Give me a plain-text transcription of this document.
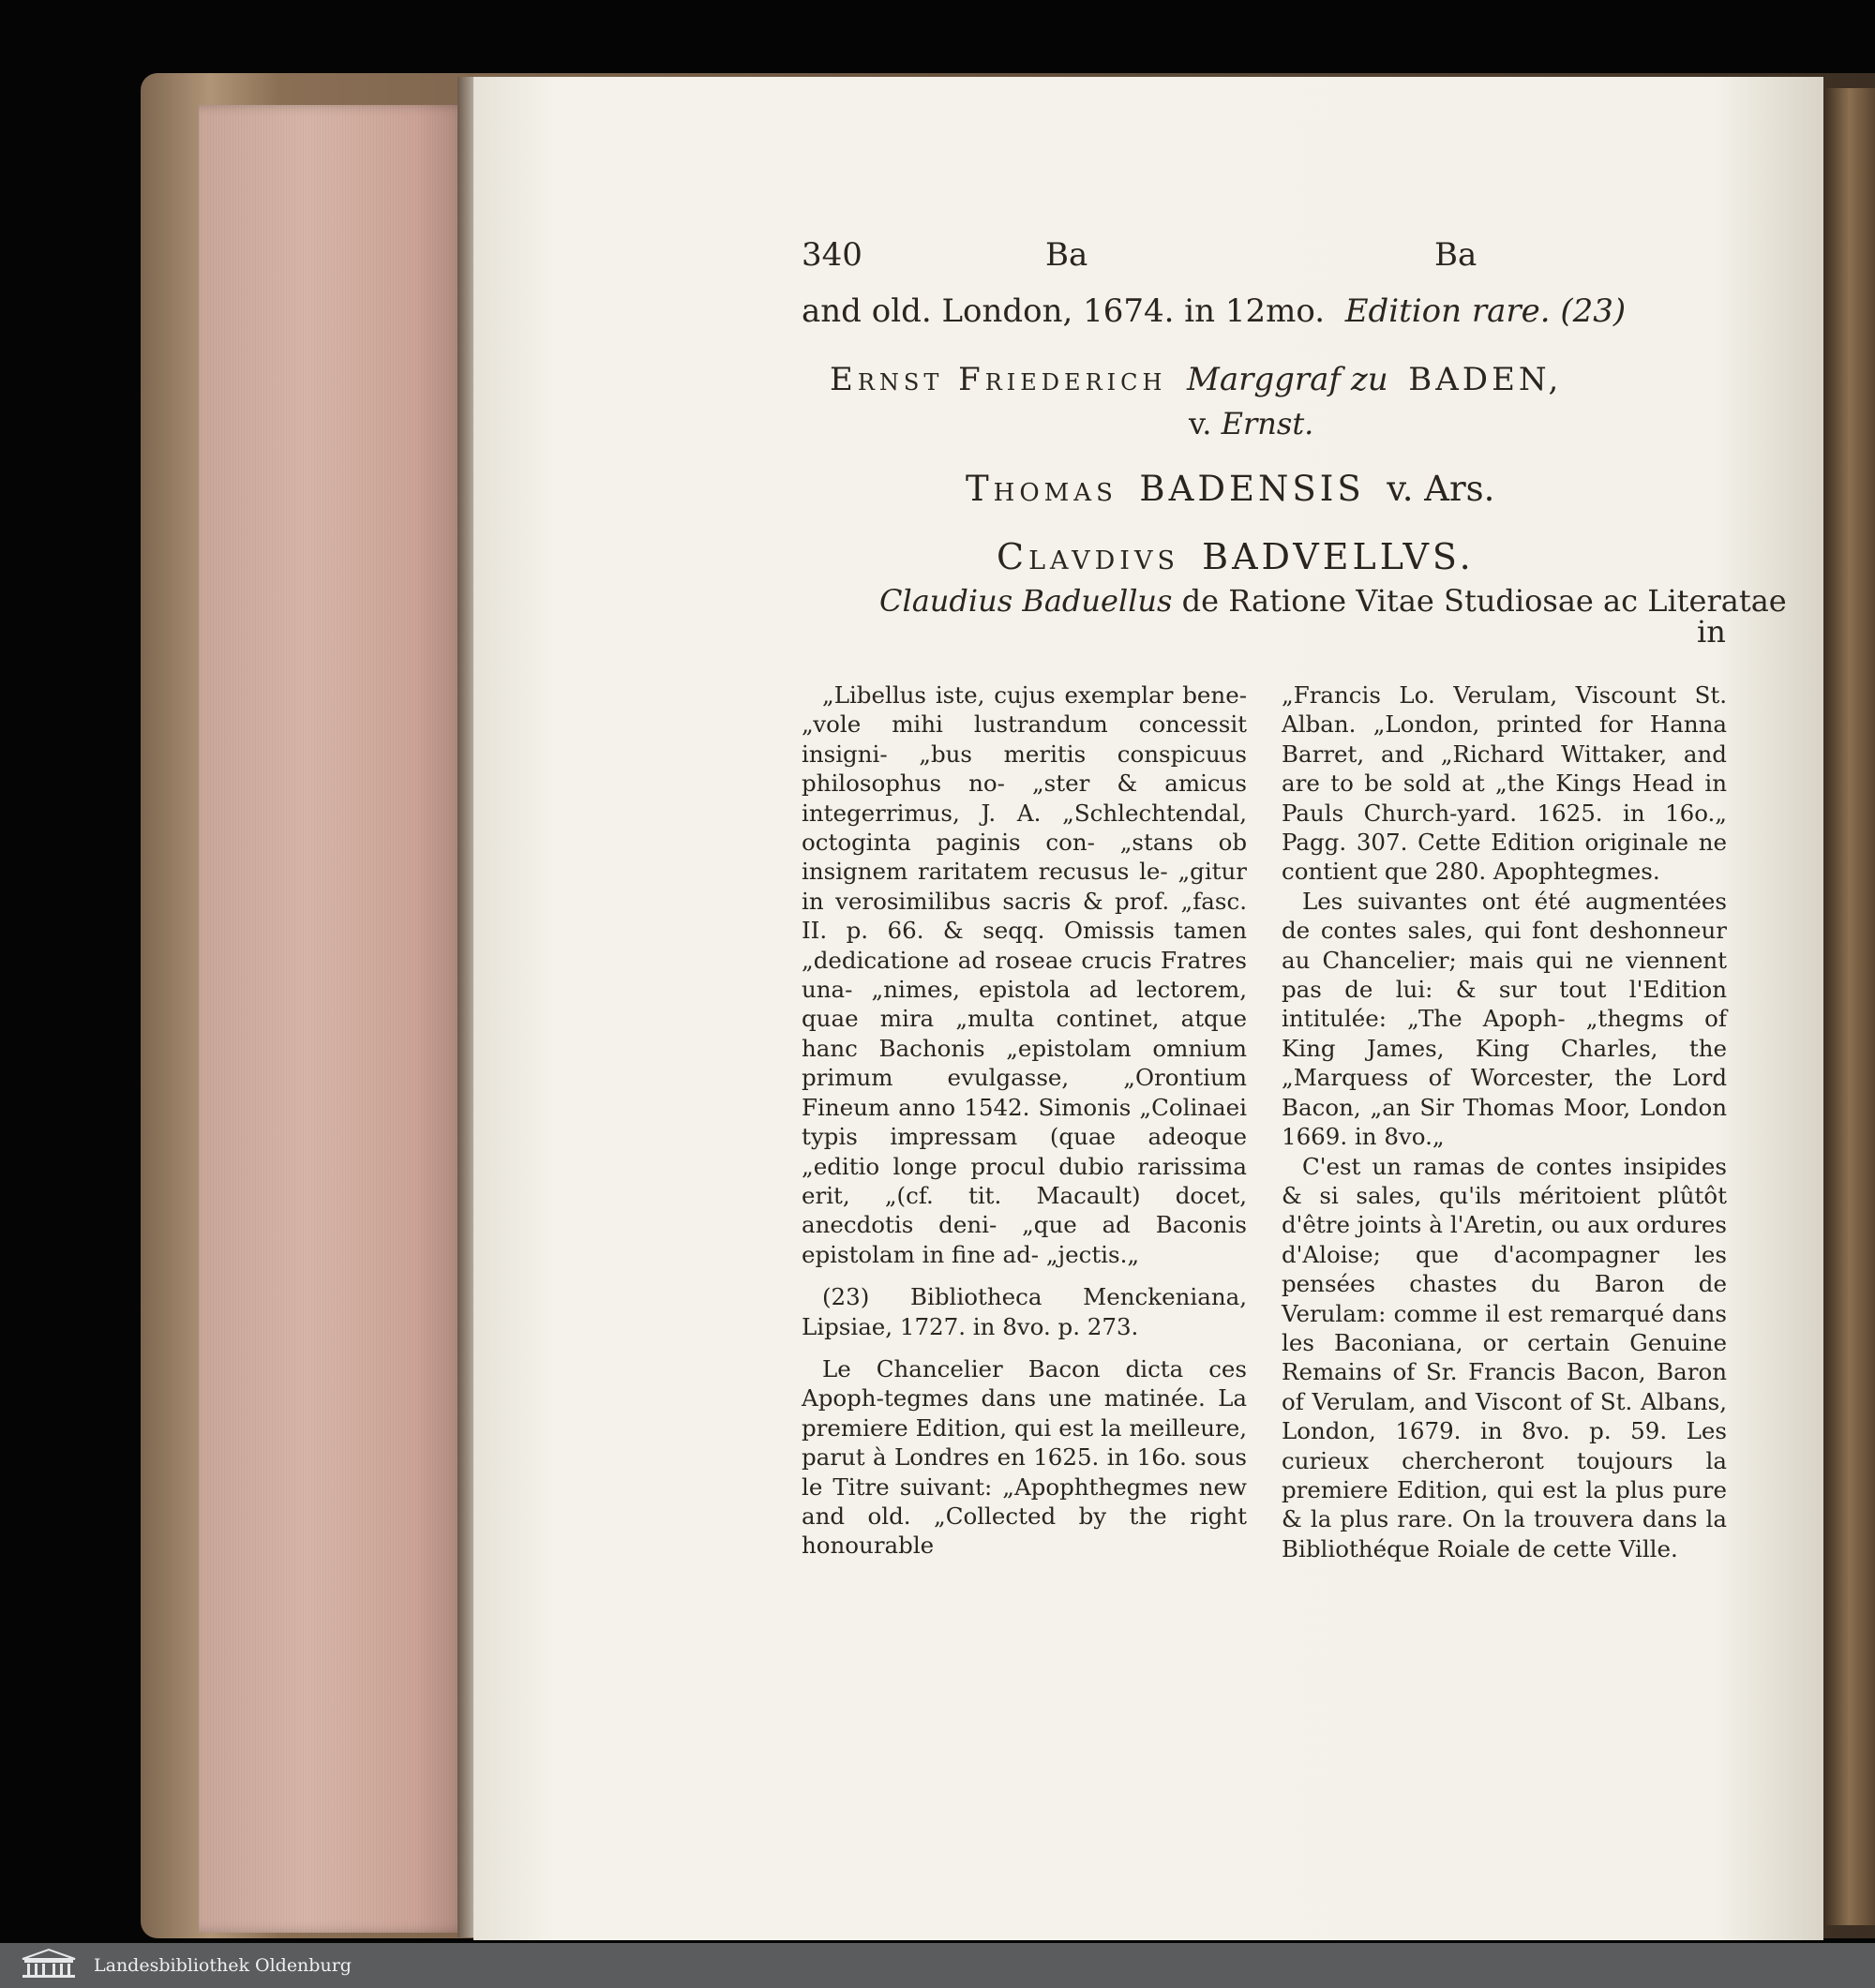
340	Ba	Ba
and old. London, 1674. in 12mo. Edition rare. (23)
Ernst Friederich Marggraf zu BADEN,
v. Ernst.
Thomas BADENSIS v. Ars.
Clavdivs BADVELLVS.
Claudius Baduellus de Ratione Vitae Studiosae ac Literatae
in

„Libellus iste, cujus exemplar bene- „vole mihi lustrandum concessit insigni- „bus meritis conspicuus philosophus no- „ster & amicus integerrimus, J. A. „Schlechtendal, octoginta paginis con- „stans ob insignem raritatem recusus le- „gitur in verosimilibus sacris & prof. „fasc. II. p. 66. & seqq. Omissis tamen „dedicatione ad roseae crucis Fratres una- „nimes, epistola ad lectorem, quae mira „multa continet, atque hanc Bachonis „epistolam omnium primum evulgasse, „Orontium Fineum anno 1542. Simonis „Colinaei typis impressam (quae adeoque „editio longe procul dubio rarissima erit, „(cf. tit. Macault) docet, anecdotis deni- „que ad Baconis epistolam in fine ad- „jectis.„

(23) Bibliotheca Menckeniana, Lipsiae, 1727. in 8vo. p. 273.

Le Chancelier Bacon dicta ces Apoph-tegmes dans une matinée. La premiere Edition, qui est la meilleure, parut à Londres en 1625. in 16o. sous le Titre suivant: „Apophthegmes new and old. „Collected by the right honourable

„Francis Lo. Verulam, Viscount St. Alban. „London, printed for Hanna Barret, and „Richard Wittaker, and are to be sold at „the Kings Head in Pauls Church-yard. 1625. in 16o.„ Pagg. 307. Cette Edition originale ne contient que 280. Apophtegmes.

Les suivantes ont été augmentées de contes sales, qui font deshonneur au Chancelier; mais qui ne viennent pas de lui: & sur tout l'Edition intitulée: „The Apoph- „thegms of King James, King Charles, the „Marquess of Worcester, the Lord Bacon, „an Sir Thomas Moor, London 1669. in 8vo.„

C'est un ramas de contes insipides & si sales, qu'ils méritoient plûtôt d'être joints à l'Aretin, ou aux ordures d'Aloise; que d'acompagner les pensées chastes du Baron de Verulam: comme il est remarqué dans les Baconiana, or certain Genuine Remains of Sr. Francis Bacon, Baron of Verulam, and Viscont of St. Albans, London, 1679. in 8vo. p. 59. Les curieux chercheront toujours la premiere Edition, qui est la plus pure & la plus rare. On la trouvera dans la Bibliothéque Roiale de cette Ville.

Landesbibliothek Oldenburg
